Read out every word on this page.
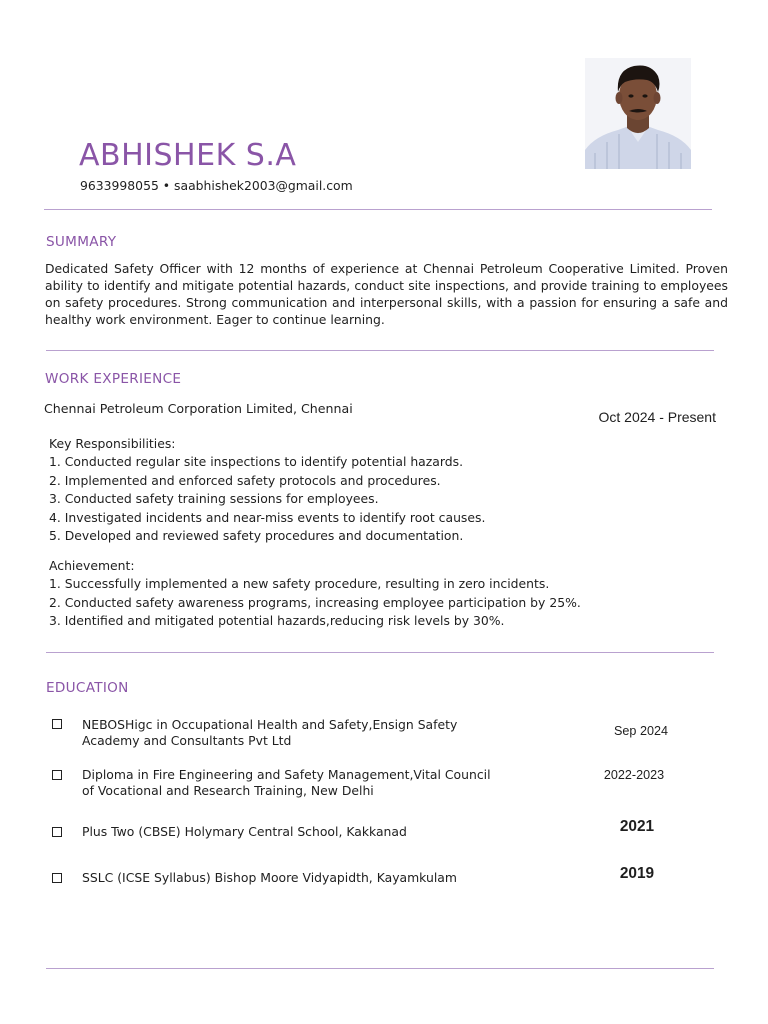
ABHISHEK S.A
9633998055 • saabhishek2003@gmail.com
SUMMARY

Dedicated Safety Officer with 12 months of experience at Chennai Petroleum Cooperative Limited. Proven ability to identify and mitigate potential hazards, conduct site inspections, and provide training to employees on safety procedures. Strong communication and interpersonal skills, with a passion for ensuring a safe and healthy work environment. Eager to continue learning.

WORK EXPERIENCE
Chennai Petroleum Corporation Limited, Chennai
Oct 2024 - Present
Key Responsibilities:
1. Conducted regular site inspections to identify potential hazards.
2. Implemented and enforced safety protocols and procedures.
3. Conducted safety training sessions for employees.
4. Investigated incidents and near-miss events to identify root causes.
5. Developed and reviewed safety procedures and documentation.
Achievement:
1. Successfully implemented a new safety procedure, resulting in zero incidents.
2. Conducted safety awareness programs, increasing employee participation by 25%.
3. Identified and mitigated potential hazards,reducing risk levels by 30%.
EDUCATION
NEBOSHigc in Occupational Health and Safety,Ensign Safety Academy and Consultants Pvt Ltd
Sep 2024
Diploma in Fire Engineering and Safety Management,Vital Council of Vocational and Research Training, New Delhi
2022-2023
Plus Two (CBSE) Holymary Central School, Kakkanad	2021
SSLC (ICSE Syllabus) Bishop Moore Vidyapidth, Kayamkulam	2019
